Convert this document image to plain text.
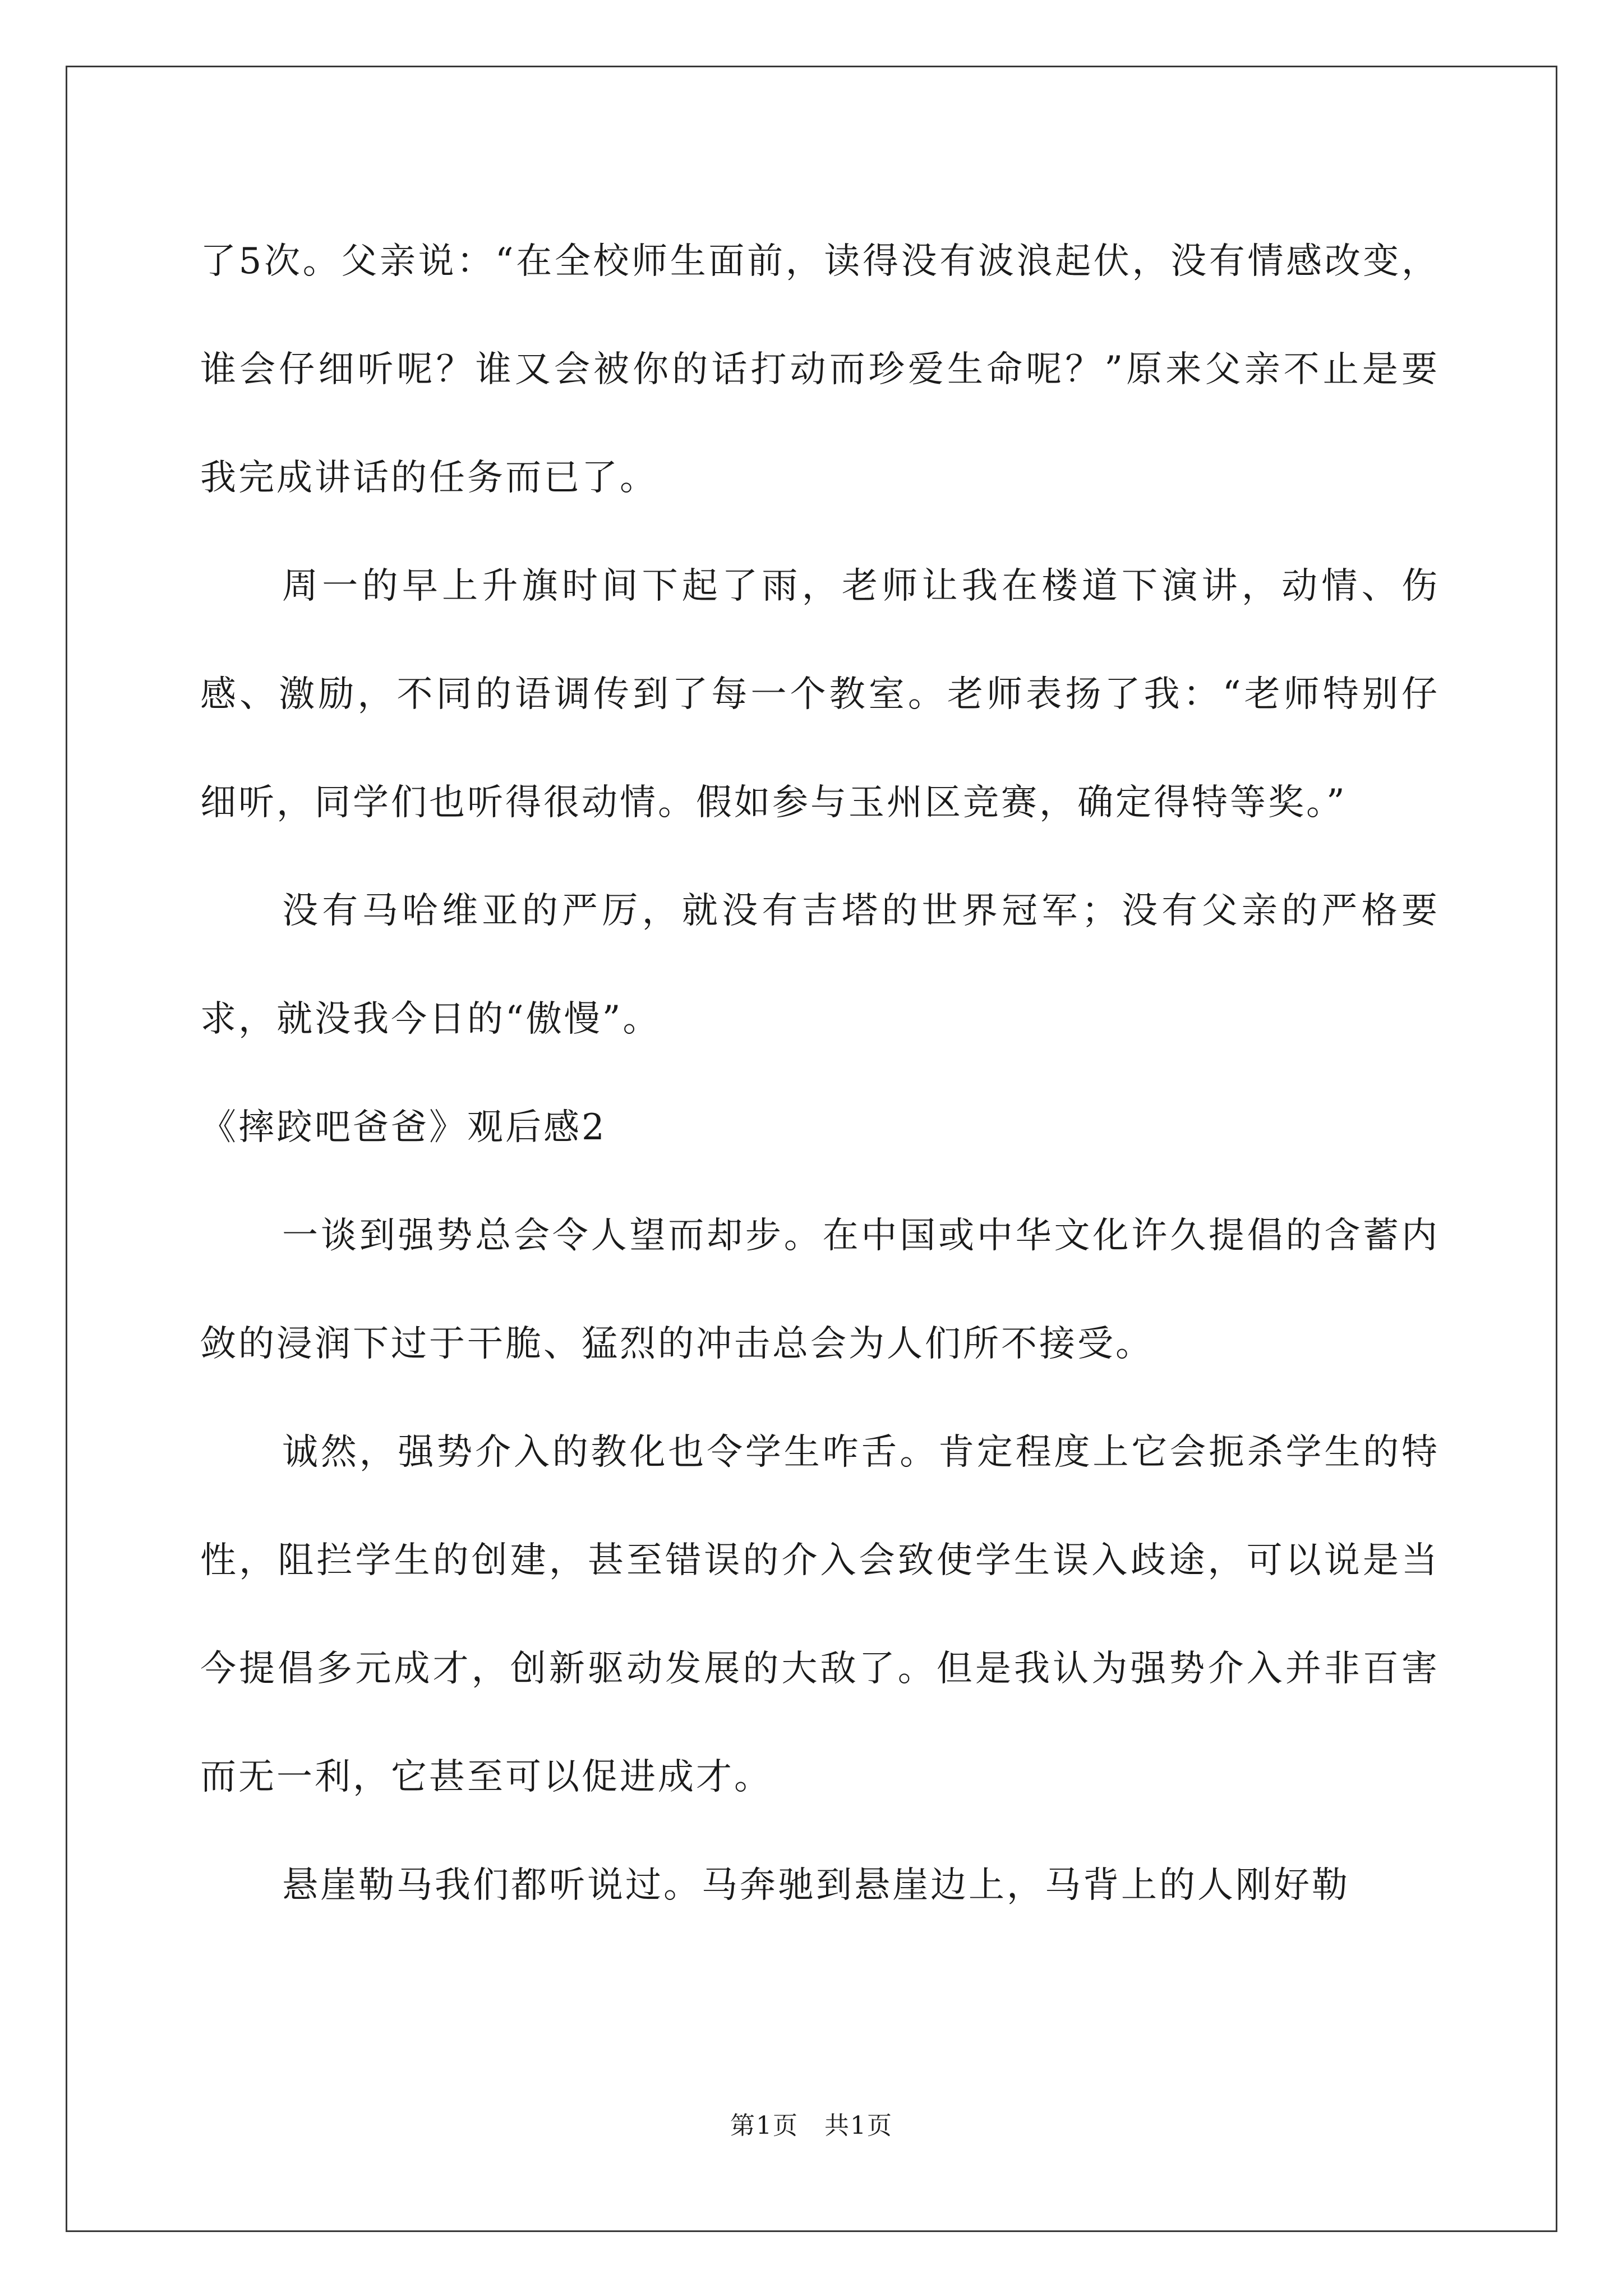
了5次。父亲说：“在全校师生面前，读得没有波浪起伏，没有情感改变，谁会仔细听呢？谁又会被你的话打动而珍爱生命呢？”原来父亲不止是要我完成讲话的任务而已了。

周一的早上升旗时间下起了雨，老师让我在楼道下演讲，动情、伤感、激励，不同的语调传到了每一个教室。老师表扬了我：“老师特别仔细听，同学们也听得很动情。假如参与玉州区竞赛，确定得特等奖。”

没有马哈维亚的严厉，就没有吉塔的世界冠军；没有父亲的严格要求，就没我今日的“傲慢”。

《摔跤吧爸爸》观后感2

一谈到强势总会令人望而却步。在中国或中华文化许久提倡的含蓄内敛的浸润下过于干脆、猛烈的冲击总会为人们所不接受。

诚然，强势介入的教化也令学生咋舌。肯定程度上它会扼杀学生的特性，阻拦学生的创建，甚至错误的介入会致使学生误入歧途，可以说是当今提倡多元成才，创新驱动发展的大敌了。但是我认为强势介入并非百害而无一利，它甚至可以促进成才。

悬崖勒马我们都听说过。马奔驰到悬崖边上，马背上的人刚好勒

第1页　共1页
